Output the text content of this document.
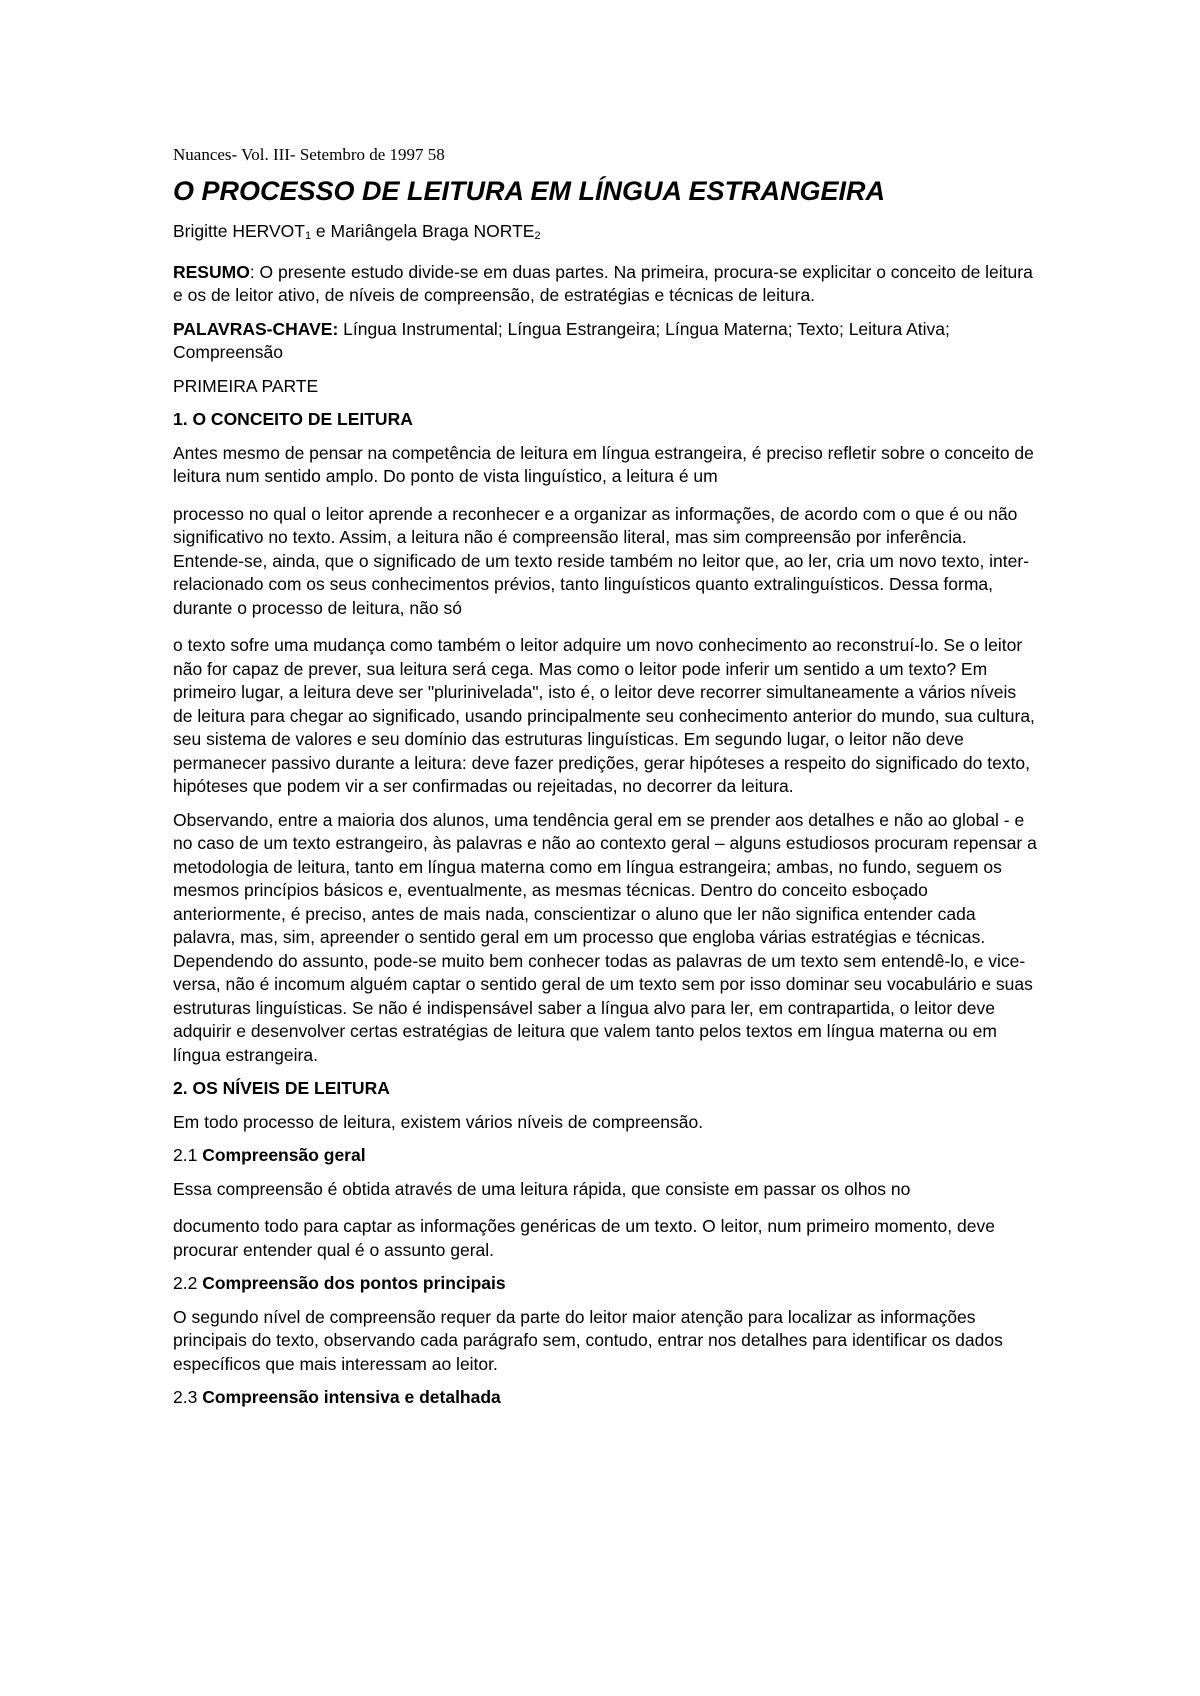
Nuances- Vol. III- Setembro de 1997 58
O PROCESSO DE LEITURA EM LÍNGUA ESTRANGEIRA

Brigitte $HERVOT_1$ e Mariângela Braga $NORTE_2$

RESUMO: O presente estudo divide-se em duas partes. Na primeira, procura-se explicitar o conceito de leitura e os de leitor ativo, de níveis de compreensão, de estratégias e técnicas de leitura.

PALAVRAS-CHAVE: Língua Instrumental; Língua Estrangeira; Língua Materna; Texto; Leitura Ativa; Compreensão

PRIMEIRA PARTE

1. O CONCEITO DE LEITURA

Antes mesmo de pensar na competência de leitura em língua estrangeira, é preciso refletir sobre o conceito de leitura num sentido amplo. Do ponto de vista linguístico, a leitura é um

processo no qual o leitor aprende a reconhecer e a organizar as informações, de acordo com o que é ou não significativo no texto. Assim, a leitura não é compreensão literal, mas sim compreensão por inferência. Entende-se, ainda, que o significado de um texto reside também no leitor que, ao ler, cria um novo texto, inter-relacionado com os seus conhecimentos prévios, tanto linguísticos quanto extralinguísticos. Dessa forma, durante o processo de leitura, não só

o texto sofre uma mudança como também o leitor adquire um novo conhecimento ao reconstruí-lo. Se o leitor não for capaz de prever, sua leitura será cega. Mas como o leitor pode inferir um sentido a um texto? Em primeiro lugar, a leitura deve ser "plurinivelada", isto é, o leitor deve recorrer simultaneamente a vários níveis de leitura para chegar ao significado, usando principalmente seu conhecimento anterior do mundo, sua cultura, seu sistema de valores e seu domínio das estruturas linguísticas. Em segundo lugar, o leitor não deve permanecer passivo durante a leitura: deve fazer predições, gerar hipóteses a respeito do significado do texto, hipóteses que podem vir a ser confirmadas ou rejeitadas, no decorrer da leitura.

Observando, entre a maioria dos alunos, uma tendência geral em se prender aos detalhes e não ao global - e no caso de um texto estrangeiro, às palavras e não ao contexto geral – alguns estudiosos procuram repensar a metodologia de leitura, tanto em língua materna como em língua estrangeira; ambas, no fundo, seguem os mesmos princípios básicos e, eventualmente, as mesmas técnicas. Dentro do conceito esboçado anteriormente, é preciso, antes de mais nada, conscientizar o aluno que ler não significa entender cada palavra, mas, sim, apreender o sentido geral em um processo que engloba várias estratégias e técnicas. Dependendo do assunto, pode-se muito bem conhecer todas as palavras de um texto sem entendê-lo, e vice-versa, não é incomum alguém captar o sentido geral de um texto sem por isso dominar seu vocabulário e suas estruturas linguísticas. Se não é indispensável saber a língua alvo para ler, em contrapartida, o leitor deve adquirir e desenvolver certas estratégias de leitura que valem tanto pelos textos em língua materna ou em língua estrangeira.

2. OS NÍVEIS DE LEITURA

Em todo processo de leitura, existem vários níveis de compreensão.

2.1 Compreensão geral

Essa compreensão é obtida através de uma leitura rápida, que consiste em passar os olhos no

documento todo para captar as informações genéricas de um texto. O leitor, num primeiro momento, deve procurar entender qual é o assunto geral.

2.2 Compreensão dos pontos principais

O segundo nível de compreensão requer da parte do leitor maior atenção para localizar as informações principais do texto, observando cada parágrafo sem, contudo, entrar nos detalhes para identificar os dados específicos que mais interessam ao leitor.

2.3 Compreensão intensiva e detalhada
